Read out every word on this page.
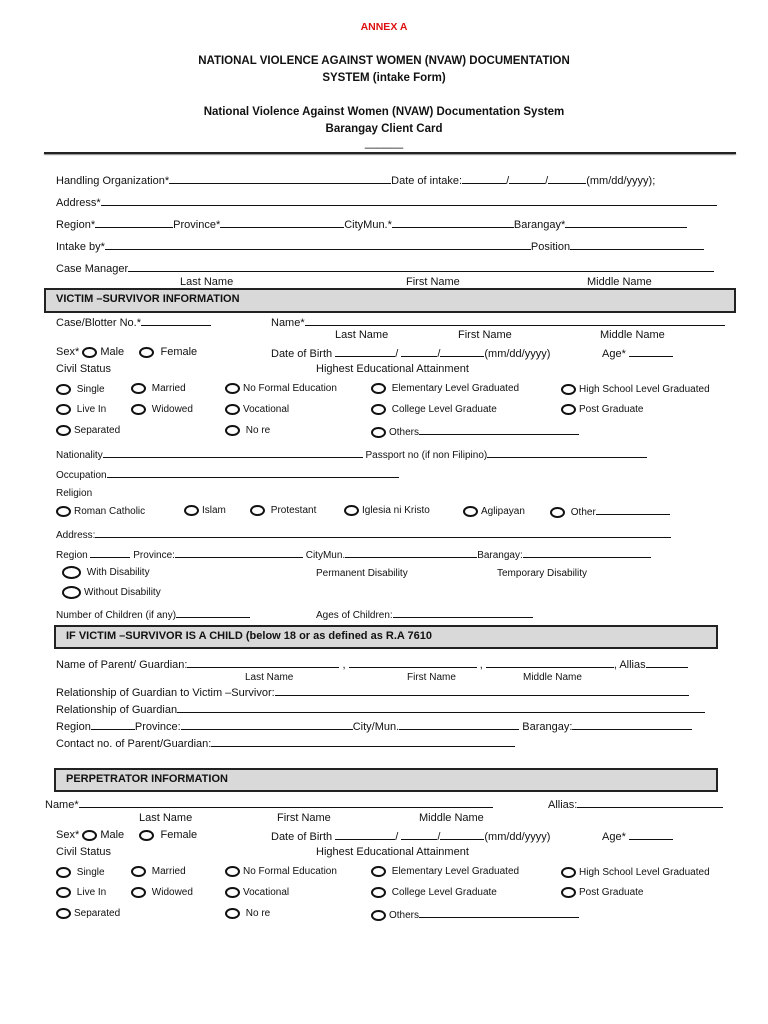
ANNEX A
NATIONAL VIOLENCE AGAINST WOMEN (NVAW) DOCUMENTATION
SYSTEM (intake Form)
National Violence Against Women (NVAW) Documentation System
Barangay Client Card
______
Handling Organization*	Date of intake:	/	/	(mm/dd/yyyy);
Address*
Region*	Province*	CityMun.*	Barangay*
Intake by*	Position
Case Manager
Last Name	First Name	Middle Name
VICTIM –SURVIVOR INFORMATION
Case/Blotter No.*	Name*
Last Name	First Name	Middle Name
Sex* Male	Female	Date of Birth	/	/	(mm/dd/yyyy)	Age*
Civil Status	Highest Educational Attainment
Single	Married	No Formal Education	Elementary Level Graduated	High School Level Graduated
Live In	Widowed	Vocational	College Level Graduate	Post Graduate
Separated	No re	Others
Nationality	Passport no (if non Filipino)
Occupation
Religion
Roman Catholic	Islam	Protestant	Iglesia ni Kristo	Aglipayan	Other
Address:
Region	Province:	CityMun.	Barangay:
With Disability	Permanent Disability	Temporary Disability
Without Disability
Number of Children (if any)	Ages of Children:
IF VICTIM –SURVIVOR IS A CHILD (below 18 or as defined as R.A 7610
Name of Parent/ Guardian:	,	,	, Allias
Last Name	First Name	Middle Name
Relationship of Guardian to Victim –Survivor:
Relationship of Guardian
Region	Province:	City/Mun.	Barangay:
Contact no. of Parent/Guardian:
PERPETRATOR INFORMATION
Name*	Allias:
Last Name	First Name	Middle Name
Sex* Male	Female	Date of Birth	/	/	(mm/dd/yyyy)	Age*
Civil Status	Highest Educational Attainment
Single	Married	No Formal Education	Elementary Level Graduated	High School Level Graduated
Live In	Widowed	Vocational	College Level Graduate	Post Graduate
Separated	No re	Others
